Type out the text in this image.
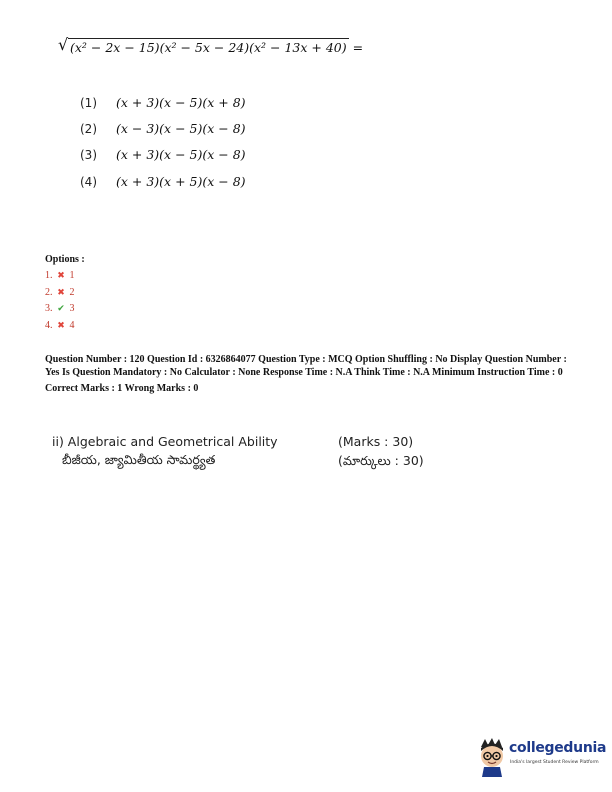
√ (x² − 2x − 15)(x² − 5x − 24)(x² − 13x + 40) =
(1) (x + 3)(x − 5)(x + 8)
(2) (x − 3)(x − 5)(x − 8)
(3) (x + 3)(x − 5)(x − 8)
(4) (x + 3)(x + 5)(x − 8)
Options :
1. ✖ 1
2. ✖ 2
3. ✔ 3
4. ✖ 4

Question Number : 120 Question Id : 6326864077 Question Type : MCQ Option Shuffling : No Display Question Number : Yes Is Question Mandatory : No Calculator : None Response Time : N.A Think Time : N.A Minimum Instruction Time : 0

Correct Marks : 1 Wrong Marks : 0

ii) Algebraic and Geometrical Ability	(Marks : 30)
బీజీయ, జ్యామితీయ సామర్థ్యత	(మార్కులు : 30)
collegedunia
India's largest Student Review Platform
